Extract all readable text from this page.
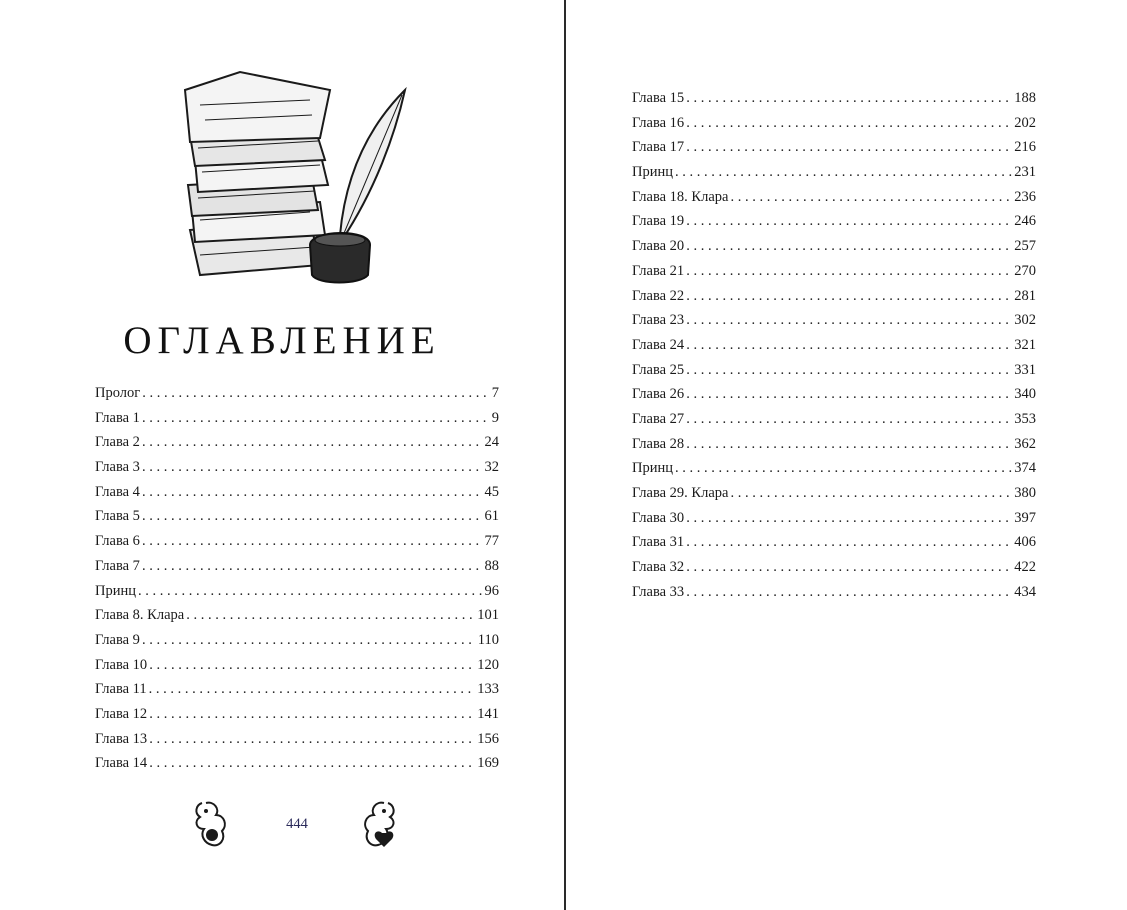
ОГЛАВЛЕНИЕ
Пролог . . .	7
Глава 1 . . .	9
Глава 2 . . .	24
Глава 3 . . .	32
Глава 4 . . .	45
Глава 5 . . .	61
Глава 6 . . .	77
Глава 7 . . .	88
Принц . . .	96
Глава 8. Клара . . .	101
Глава 9 . . .	110
Глава 10 . . .	120
Глава 11 . . .	133
Глава 12 . . .	141
Глава 13 . . .	156
Глава 14 . . .	169
444
Глава 15 . . .	188
Глава 16 . . .	202
Глава 17 . . .	216
Принц . . .	231
Глава 18. Клара . . .	236
Глава 19 . . .	246
Глава 20 . . .	257
Глава 21 . . .	270
Глава 22 . . .	281
Глава 23 . . .	302
Глава 24 . . .	321
Глава 25 . . .	331
Глава 26 . . .	340
Глава 27 . . .	353
Глава 28 . . .	362
Принц . . .	374
Глава 29. Клара . . .	380
Глава 30 . . .	397
Глава 31 . . .	406
Глава 32 . . .	422
Глава 33 . . .	434
